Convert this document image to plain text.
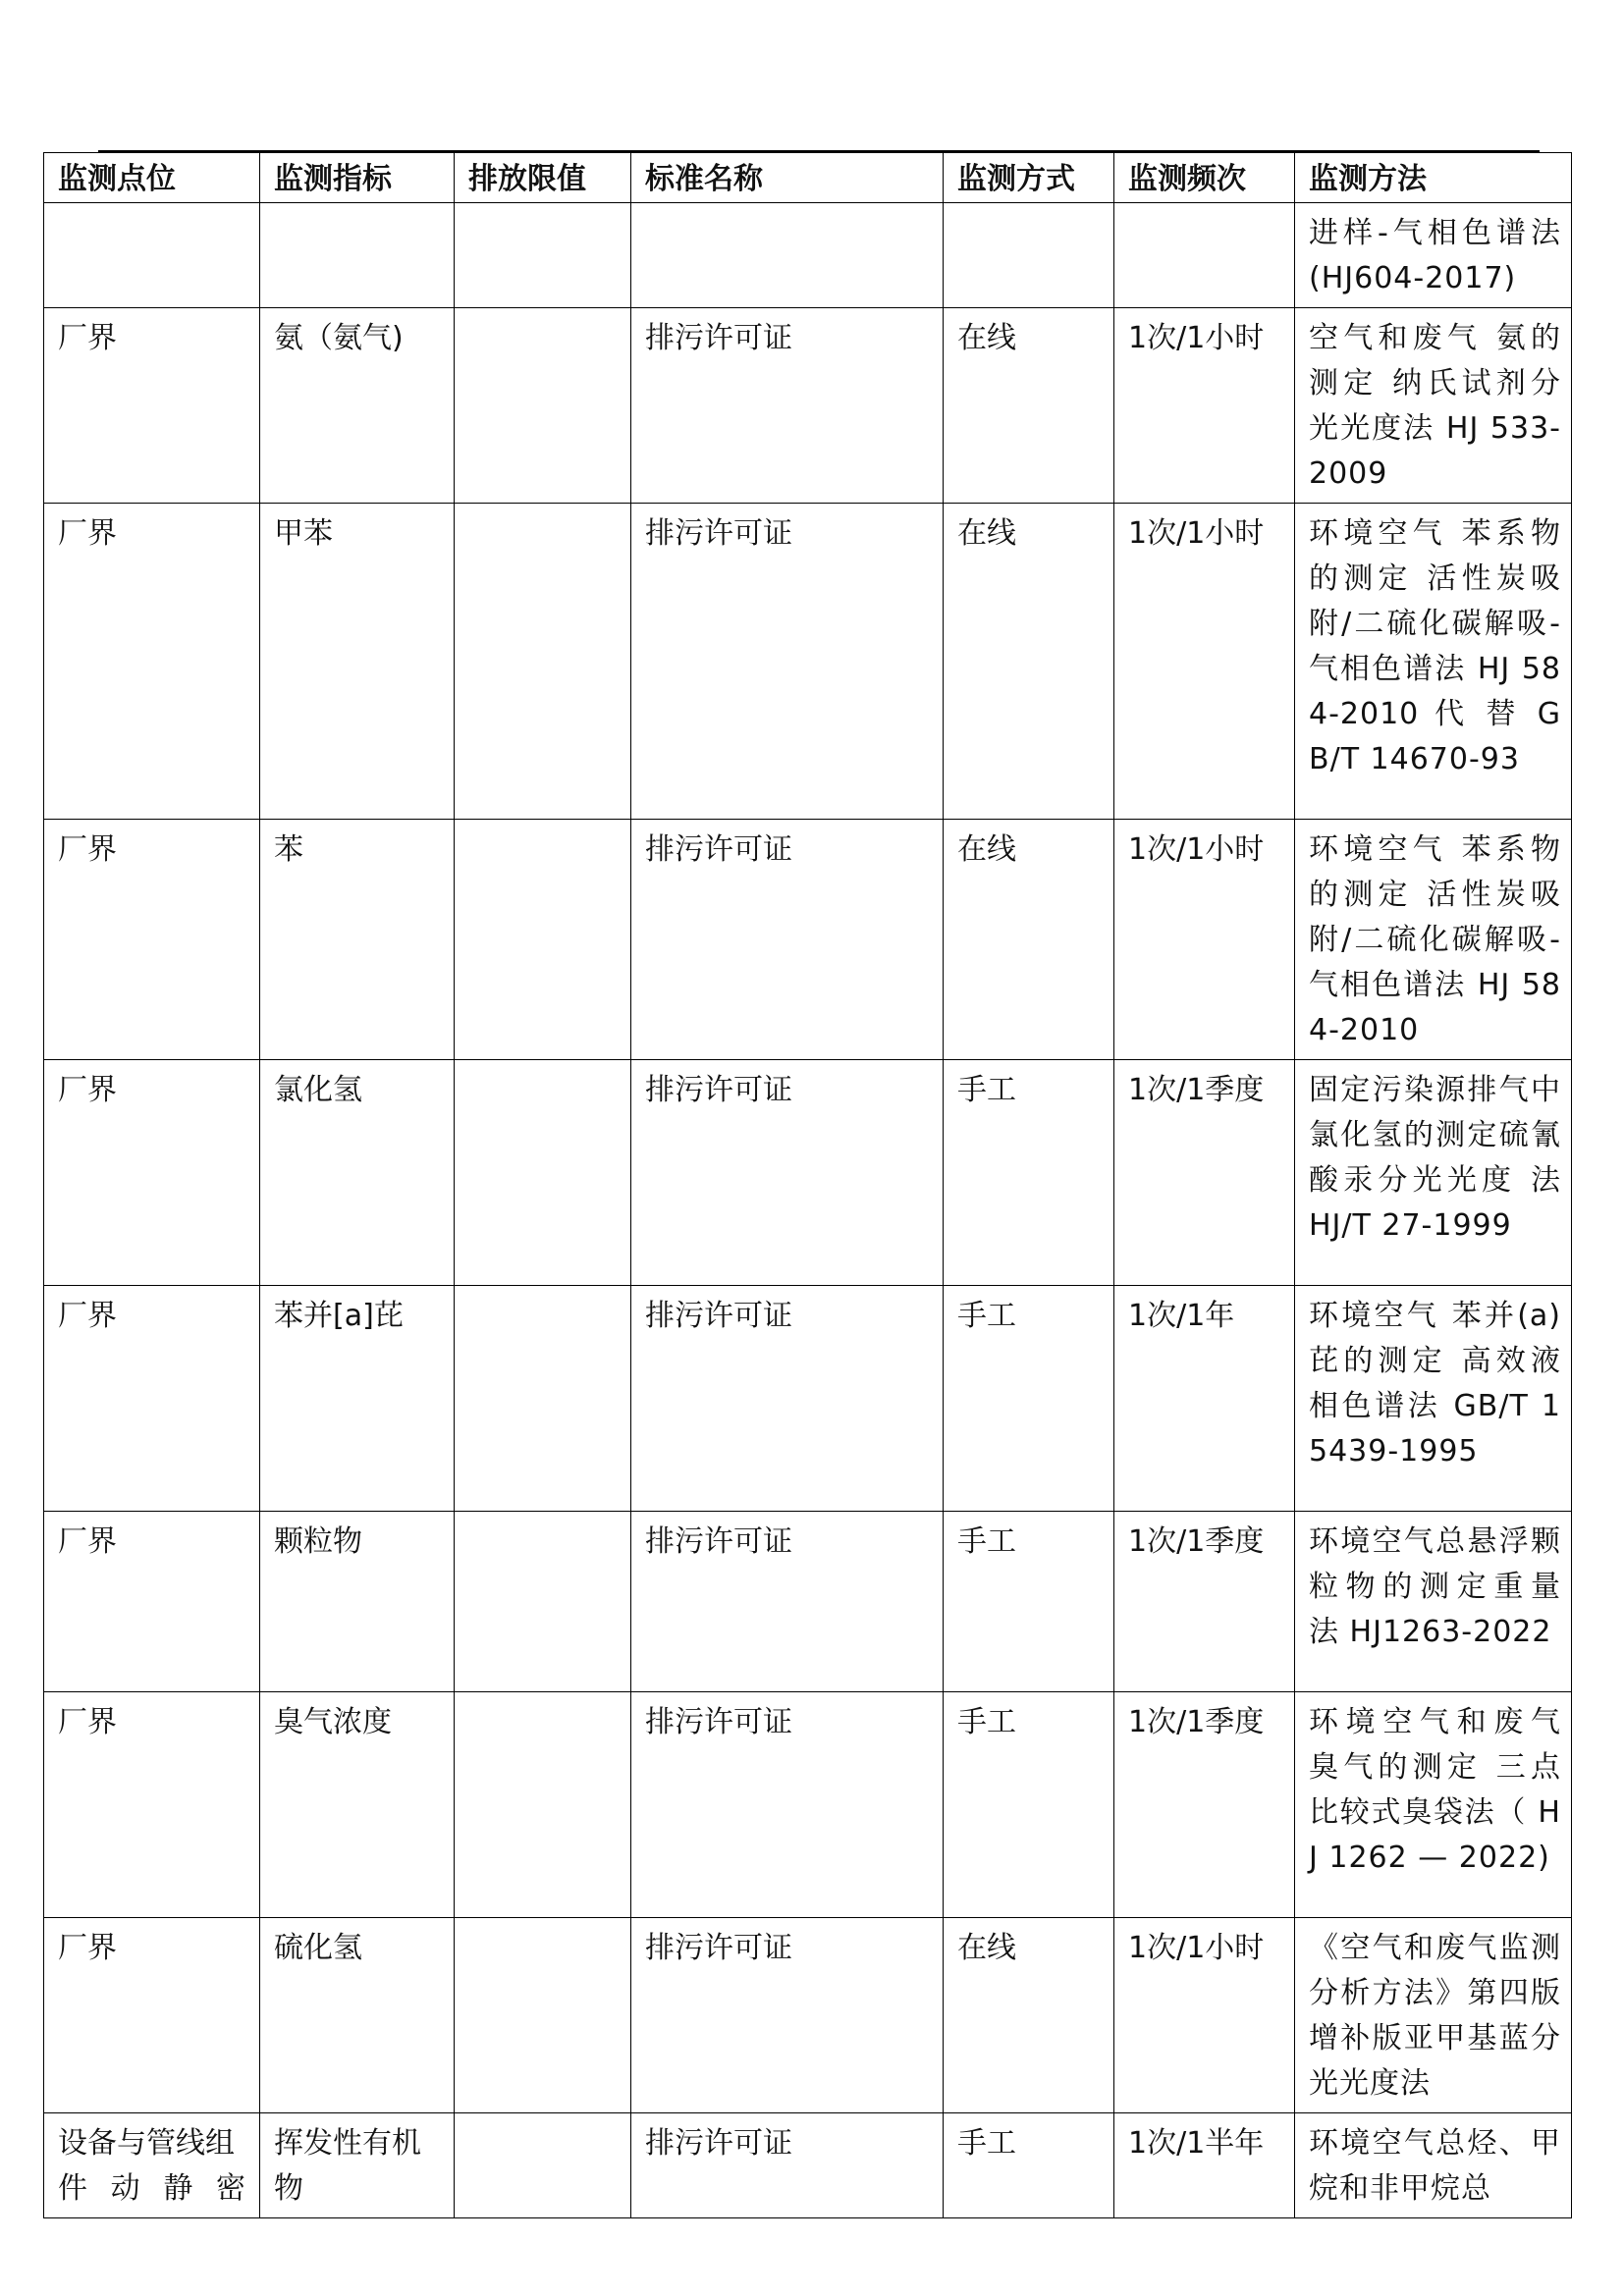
监测点位	监测指标	排放限值	标准名称	监测方式	监测频次	监测方法
						进样-气相色谱法(HJ604-2017)
厂界	氨（氨气)		排污许可证	在线	1次/1小时	空气和废气 氨的测定 纳氏试剂分光光度法 HJ 533-2009
厂界	甲苯		排污许可证	在线	1次/1小时	环境空气 苯系物的测定 活性炭吸附/二硫化碳解吸-气相色谱法 HJ 584-2010 代 替 GB/T 14670-93
厂界	苯		排污许可证	在线	1次/1小时	环境空气 苯系物的测定 活性炭吸附/二硫化碳解吸-气相色谱法 HJ 584-2010
厂界	氯化氢		排污许可证	手工	1次/1季度	固定污染源排气中氯化氢的测定硫氰酸汞分光光度 法 HJ/T 27-1999
厂界	苯并[a]芘		排污许可证	手工	1次/1年	环境空气 苯并(a)芘的测定 高效液相色谱法 GB/T 15439-1995
厂界	颗粒物		排污许可证	手工	1次/1季度	环境空气总悬浮颗粒物的测定重量 法 HJ1263-2022
厂界	臭气浓度		排污许可证	手工	1次/1季度	环境空气和废气 臭气的测定 三点比较式臭袋法（ HJ 1262 — 2022)
厂界	硫化氢		排污许可证	在线	1次/1小时	《空气和废气监测分析方法》第四版增补版亚甲基蓝分光光度法
设备与管线组件动静密	挥发性有机物		排污许可证	手工	1次/1半年	环境空气总烃、甲烷和非甲烷总
